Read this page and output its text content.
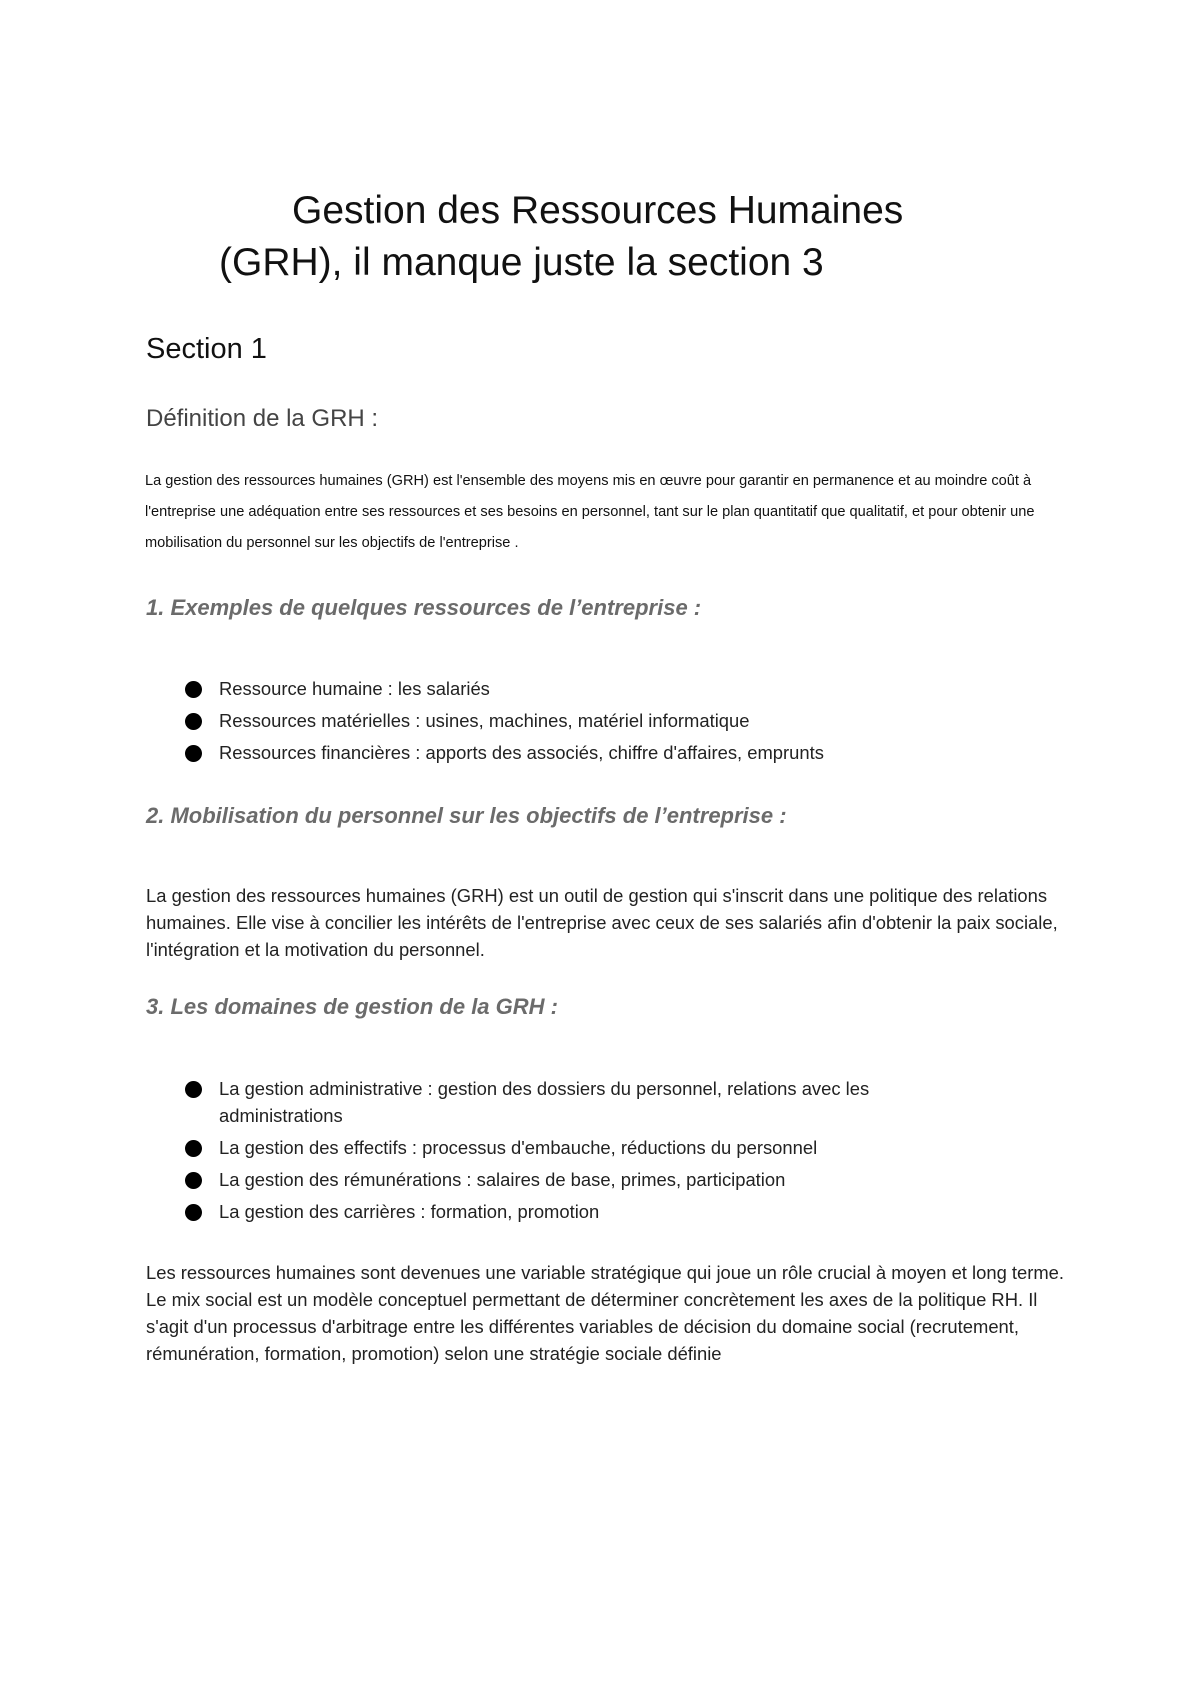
Gestion des Ressources Humaines
(GRH), il manque juste la section 3
Section 1
Définition de la GRH :

La gestion des ressources humaines (GRH) est l'ensemble des moyens mis en œuvre pour garantir en permanence et au moindre coût à l'entreprise une adéquation entre ses ressources et ses besoins en personnel, tant sur le plan quantitatif que qualitatif, et pour obtenir une mobilisation du personnel sur les objectifs de l'entreprise .

1. Exemples de quelques ressources de l’entreprise :
Ressource humaine : les salariés
Ressources matérielles : usines, machines, matériel informatique
Ressources financières : apports des associés, chiffre d'affaires, emprunts
2. Mobilisation du personnel sur les objectifs de l’entreprise :

La gestion des ressources humaines (GRH) est un outil de gestion qui s'inscrit dans une politique des relations humaines. Elle vise à concilier les intérêts de l'entreprise avec ceux de ses salariés afin d'obtenir la paix sociale, l'intégration et la motivation du personnel.

3. Les domaines de gestion de la GRH :
La gestion administrative : gestion des dossiers du personnel, relations avec les administrations
La gestion des effectifs : processus d'embauche, réductions du personnel
La gestion des rémunérations : salaires de base, primes, participation
La gestion des carrières : formation, promotion

Les ressources humaines sont devenues une variable stratégique qui joue un rôle crucial à moyen et long terme. Le mix social est un modèle conceptuel permettant de déterminer concrètement les axes de la politique RH. Il s'agit d'un processus d'arbitrage entre les différentes variables de décision du domaine social (recrutement, rémunération, formation, promotion) selon une stratégie sociale définie
